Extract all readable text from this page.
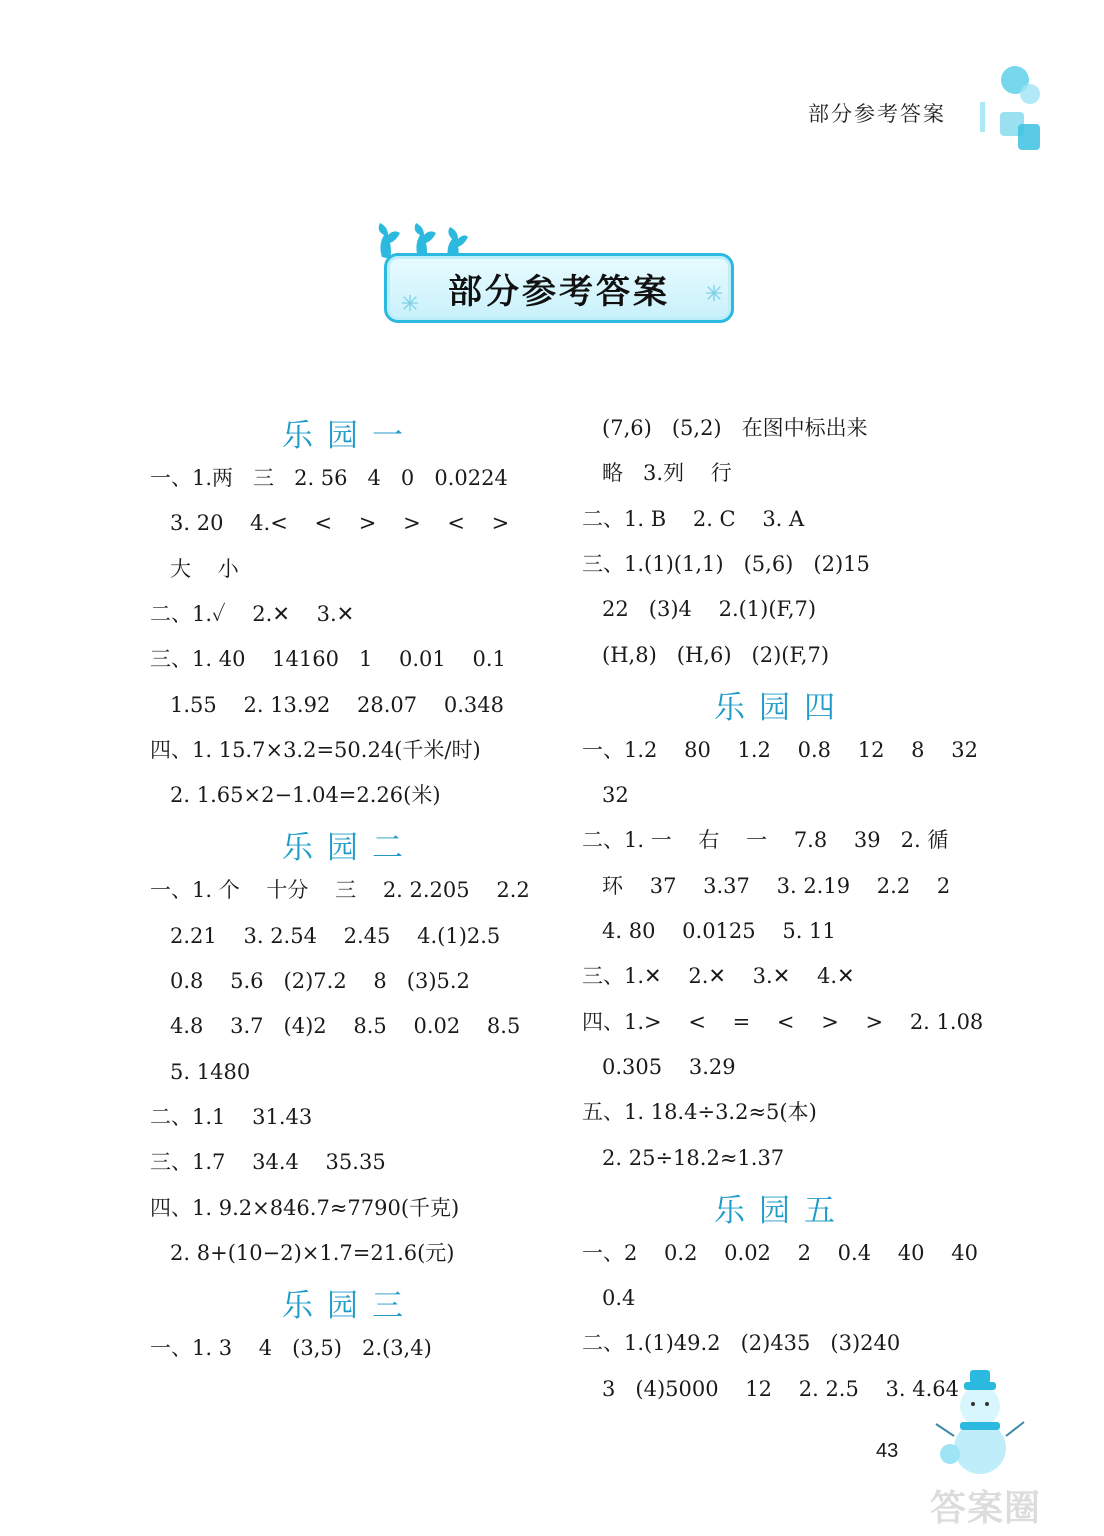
部分参考答案
部分参考答案
乐园一
一、1.两   三   2. 56   4   0   0.0224
3. 20    4.<    <    >    >    <    >
大    小
二、1.✓    2.✕    3.✕
三、1. 40    14160   1    0.01    0.1
1.55    2. 13.92    28.07    0.348
四、1. 15.7×3.2=50.24(千米/时)
2. 1.65×2−1.04=2.26(米)
乐园二
一、1. 个    十分    三    2. 2.205    2.2
2.21    3. 2.54    2.45    4.(1)2.5
0.8    5.6   (2)7.2    8   (3)5.2
4.8    3.7   (4)2    8.5    0.02    8.5
5. 1480
二、1.1    31.43
三、1.7    34.4    35.35
四、1. 9.2×846.7≈7790(千克)
2. 8+(10−2)×1.7=21.6(元)
乐园三
一、1. 3    4   (3,5)   2.(3,4)
(7,6)   (5,2)   在图中标出来
略   3.列    行
二、1. B    2. C    3. A
三、1.(1)(1,1)   (5,6)   (2)15
22   (3)4    2.(1)(F,7)
(H,8)   (H,6)   (2)(F,7)
乐园四
一、1.2    80    1.2    0.8    12    8    32
32
二、1. 一    右    一    7.8    39   2. 循
环    37    3.37    3. 2.19    2.2    2
4. 80    0.0125    5. 11
三、1.✕    2.✕    3.✕    4.✕
四、1.>    <    =    <    >    >    2. 1.08
0.305    3.29
五、1. 18.4÷3.2≈5(本)
2. 25÷18.2≈1.37
乐园五
一、2    0.2    0.02    2    0.4    40    40
0.4
二、1.(1)49.2   (2)435   (3)240
3   (4)5000    12    2. 2.5    3. 4.64
43
答案圈
